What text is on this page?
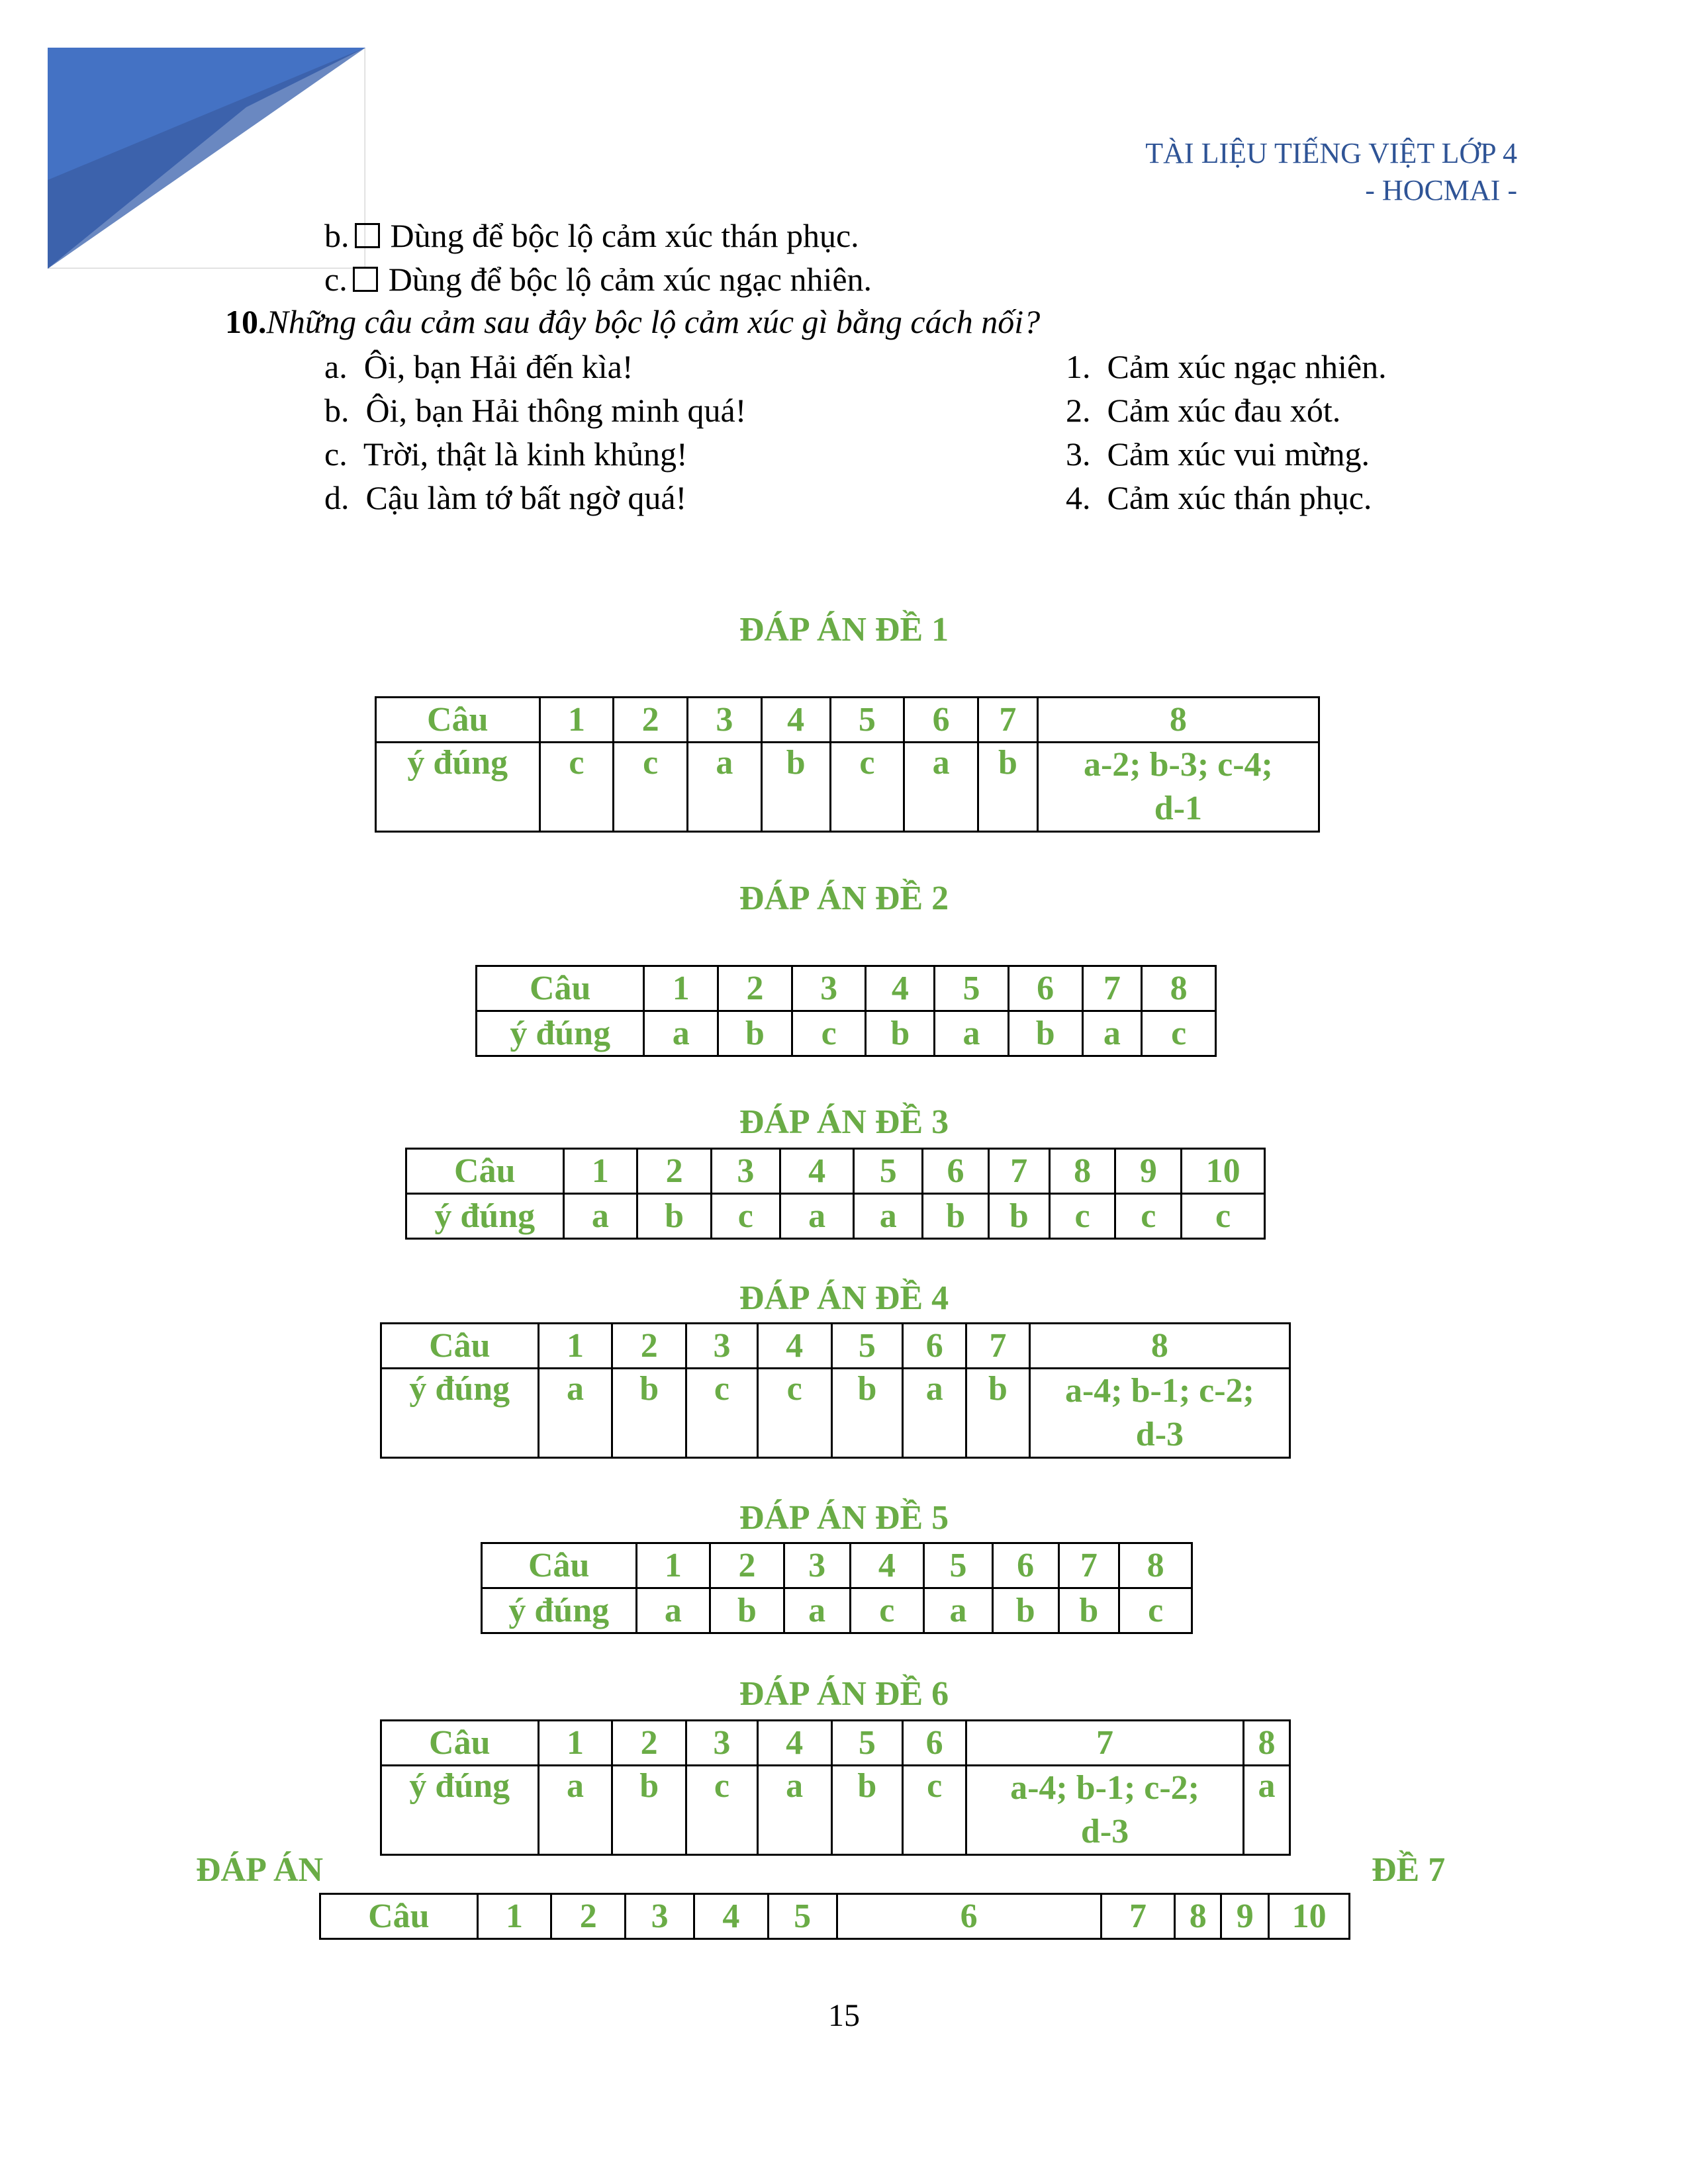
TÀI LIỆU TIẾNG VIỆT LỚP 4
- HOCMAI -
b. Dùng để bộc lộ cảm xúc thán phục.
c. Dùng để bộc lộ cảm xúc ngạc nhiên.
10.Những câu cảm sau đây bộc lộ cảm xúc gì bằng cách nối?
a. Ôi, bạn Hải đến kìa!
b. Ôi, bạn Hải thông minh quá!
c. Trời, thật là kinh khủng!
d. Cậu làm tớ bất ngờ quá!
1. Cảm xúc ngạc nhiên.
2. Cảm xúc đau xót.
3. Cảm xúc vui mừng.
4. Cảm xúc thán phục.
ĐÁP ÁN ĐỀ 1
Câu	1	2	3	4	5	6	7	8
ý đúng	c	c	a	b	c	a	b	a-2; b-3; c-4; d-1
ĐÁP ÁN ĐỀ 2
Câu	1	2	3	4	5	6	7	8
ý đúng	a	b	c	b	a	b	a	c
ĐÁP ÁN ĐỀ 3
Câu	1	2	3	4	5	6	7	8	9	10
ý đúng	a	b	c	a	a	b	b	c	c	c
ĐÁP ÁN ĐỀ 4
Câu	1	2	3	4	5	6	7	8
ý đúng	a	b	c	c	b	a	b	a-4; b-1; c-2; d-3
ĐÁP ÁN ĐỀ 5
Câu	1	2	3	4	5	6	7	8
ý đúng	a	b	a	c	a	b	b	c
ĐÁP ÁN ĐỀ 6
Câu	1	2	3	4	5	6	7	8
ý đúng	a	b	c	a	b	c	a-4; b-1; c-2; d-3	a
ĐÁP ÁN	ĐỀ 7
Câu	1	2	3	4	5	6	7	8	9	10
15
